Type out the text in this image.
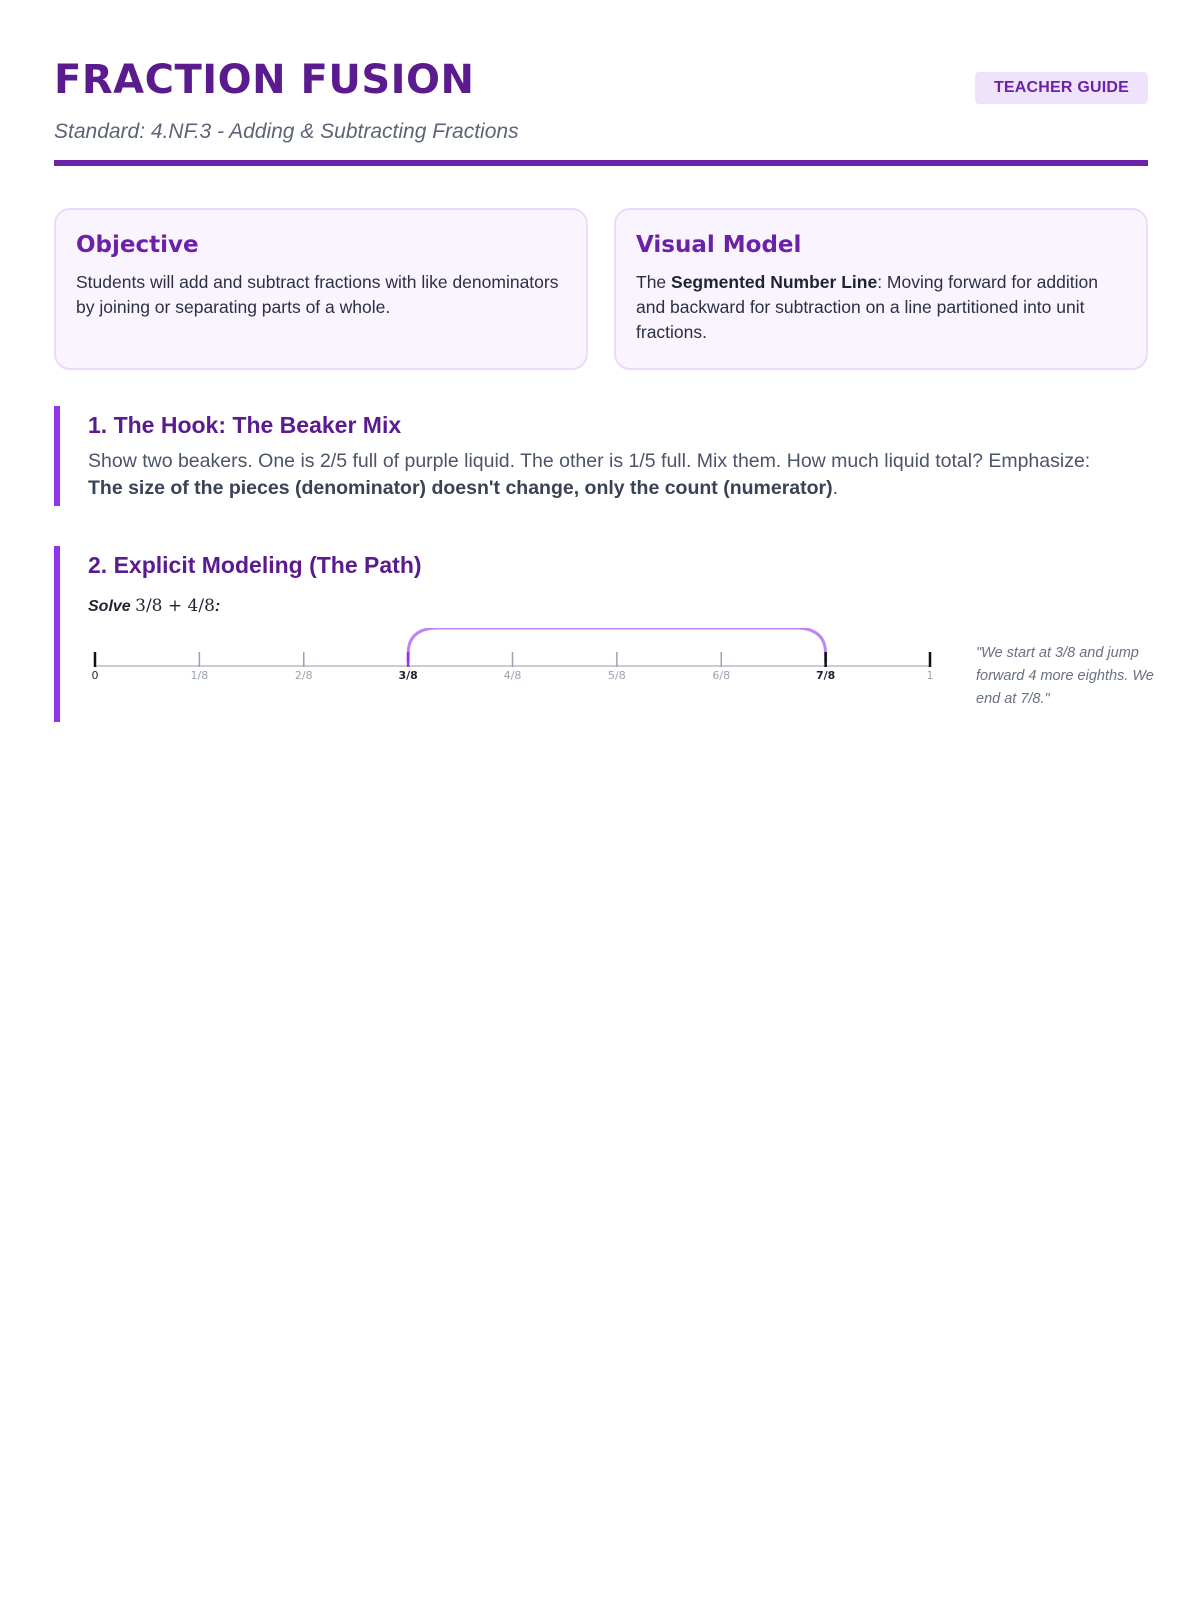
FRACTION FUSION	TEACHER GUIDE
Standard: 4.NF.3 - Adding & Subtracting Fractions
Objective
Students will add and subtract fractions with like denominators by joining or separating parts of a whole.
Visual Model
The Segmented Number Line: Moving forward for addition and backward for subtraction on a line partitioned into unit fractions.
1. The Hook: The Beaker Mix
Show two beakers. One is 2/5 full of purple liquid. The other is 1/5 full. Mix them. How much liquid total? Emphasize: The size of the pieces (denominator) doesn't change, only the count (numerator).
2. Explicit Modeling (The Path)
Solve 3/8 + 4/8:
0	1/8	2/8	3/8	4/8	5/8	6/8	7/8	1
"We start at 3/8 and jump forward 4 more eighths. We end at 7/8."
